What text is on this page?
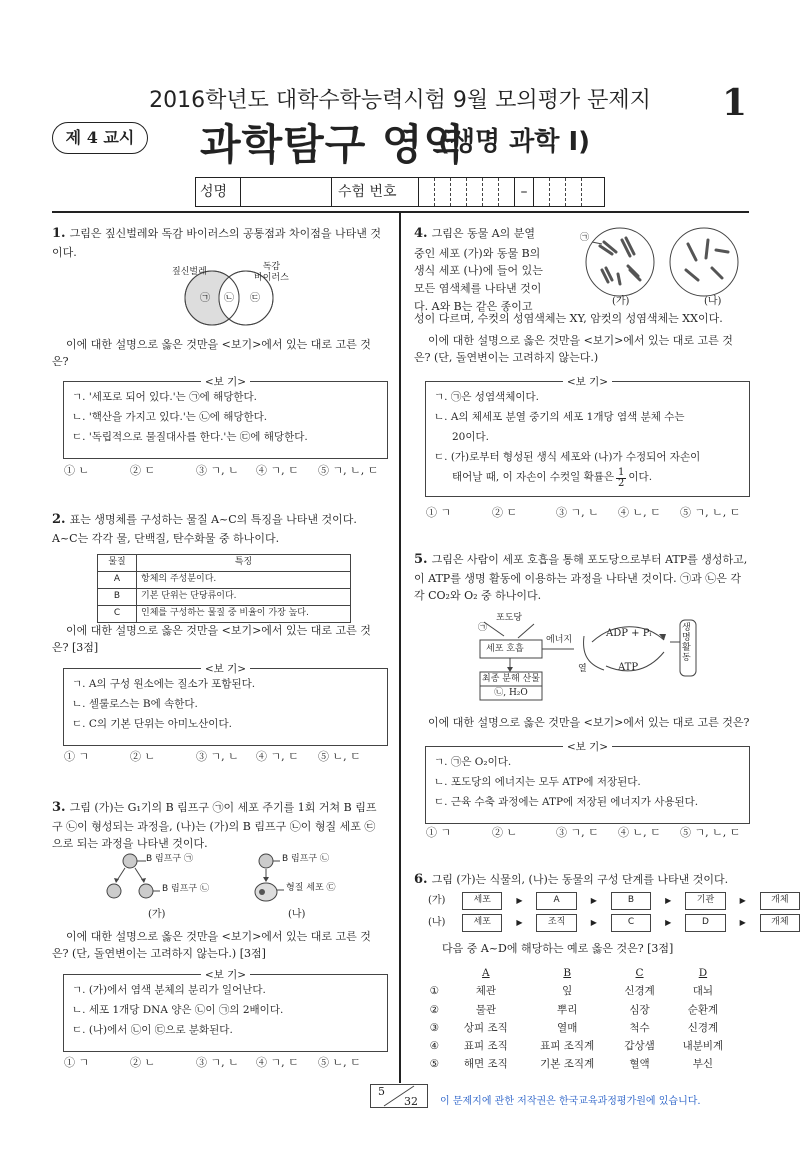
2016학년도 대학수학능력시험 9월 모의평가 문제지	1
제 4 교시	과학탐구 영역
(생명 과학 I)
성명	수험 번호	–
1. 그림은 짚신벌레와 독감 바이러스의 공통점과 차이점을 나타낸 것이다.
짚신벌레	독감
바이러스
㉠ ㉡ ㉢
이에 대한 설명으로 옳은 것만을 <보기>에서 있는 대로 고른 것은?
<보 기>
ㄱ. '세포로 되어 있다.'는 ㉠에 해당한다.
ㄴ. '핵산을 가지고 있다.'는 ㉡에 해당한다.
ㄷ. '독립적으로 물질대사를 한다.'는 ㉢에 해당한다.
① ㄴ	② ㄷ	③ ㄱ, ㄴ	④ ㄱ, ㄷ	⑤ ㄱ, ㄴ, ㄷ
2. 표는 생명체를 구성하는 물질 A~C의 특징을 나타낸 것이다. A~C는 각각 물, 단백질, 탄수화물 중 하나이다.
물질	특징
A	항체의 주성분이다.
B	기본 단위는 단당류이다.
C	인체를 구성하는 물질 중 비율이 가장 높다.
이에 대한 설명으로 옳은 것만을 <보기>에서 있는 대로 고른 것은? [3점]
<보 기>
ㄱ. A의 구성 원소에는 질소가 포함된다.
ㄴ. 셀룰로스는 B에 속한다.
ㄷ. C의 기본 단위는 아미노산이다.
① ㄱ	② ㄴ	③ ㄱ, ㄴ	④ ㄱ, ㄷ	⑤ ㄴ, ㄷ
3. 그림 (가)는 G₁기의 B 림프구 ㉠이 세포 주기를 1회 거쳐 B 림프구 ㉡이 형성되는 과정을, (나)는 (가)의 B 림프구 ㉡이 형질 세포 ㉢으로 되는 과정을 나타낸 것이다.
B 림프구 ㉠
B 림프구 ㉡
B 림프구 ㉡
형질 세포 ㉢
(가)	(나)
이에 대한 설명으로 옳은 것만을 <보기>에서 있는 대로 고른 것은? (단, 돌연변이는 고려하지 않는다.) [3점]
<보 기>
ㄱ. (가)에서 염색 분체의 분리가 일어난다.
ㄴ. 세포 1개당 DNA 양은 ㉡이 ㉠의 2배이다.
ㄷ. (나)에서 ㉡이 ㉢으로 분화된다.
① ㄱ	② ㄴ	③ ㄱ, ㄴ	④ ㄱ, ㄷ	⑤ ㄴ, ㄷ
4. 그림은 동물 A의 분열
중인 세포 (가)와 동물 B의
생식 세포 (나)에 들어 있는
모든 염색체를 나타낸 것이
다. A와 B는 같은 종이고
성이 다르며, 수컷의 성염색체는 XY, 암컷의 성염색체는 XX이다.
㉠
(가)	(나)
이에 대한 설명으로 옳은 것만을 <보기>에서 있는 대로 고른 것은? (단, 돌연변이는 고려하지 않는다.)
<보 기>
ㄱ. ㉠은 성염색체이다.
ㄴ. A의 체세포 분열 중기의 세포 1개당 염색 분체 수는
20이다.
ㄷ. (가)로부터 형성된 생식 세포와 (나)가 수정되어 자손이
태어날 때, 이 자손이 수컷일 확률은 $\frac{1}{2}$ 이다.
① ㄱ	② ㄷ	③ ㄱ, ㄴ	④ ㄴ, ㄷ	⑤ ㄱ, ㄴ, ㄷ
5. 그림은 사람이 세포 호흡을 통해 포도당으로부터 ATP를 생성하고, 이 ATP를 생명 활동에 이용하는 과정을 나타낸 것이다. ㉠과 ㉡은 각각 CO₂와 O₂ 중 하나이다.
포도당
㉠
세포 호흡
에너지
ADP + Pᵢ
열	ATP
최종 분해 산물
㉡, H₂O
생명 활동
이에 대한 설명으로 옳은 것만을 <보기>에서 있는 대로 고른 것은?
<보 기>
ㄱ. ㉠은 O₂이다.
ㄴ. 포도당의 에너지는 모두 ATP에 저장된다.
ㄷ. 근육 수축 과정에는 ATP에 저장된 에너지가 사용된다.
① ㄱ	② ㄴ	③ ㄱ, ㄷ	④ ㄴ, ㄷ	⑤ ㄱ, ㄴ, ㄷ
6. 그림 (가)는 식물의, (나)는 동물의 구성 단계를 나타낸 것이다.
(가)	세포	▶	A	▶	B	▶	기관	▶	개체
(나)	세포	▶	조직	▶	C	▶	D	▶	개체
다음 중 A~D에 해당하는 예로 옳은 것은? [3점]
	A	B	C	D
①	체관	잎	신경계	대뇌
②	물관	뿌리	심장	순환계
③	상피 조직	열매	척수	신경계
④	표피 조직	표피 조직계	갑상샘	내분비계
⑤	해면 조직	기본 조직계	혈액	부신
5
32 이 문제지에 관한 저작권은 한국교육과정평가원에 있습니다.
